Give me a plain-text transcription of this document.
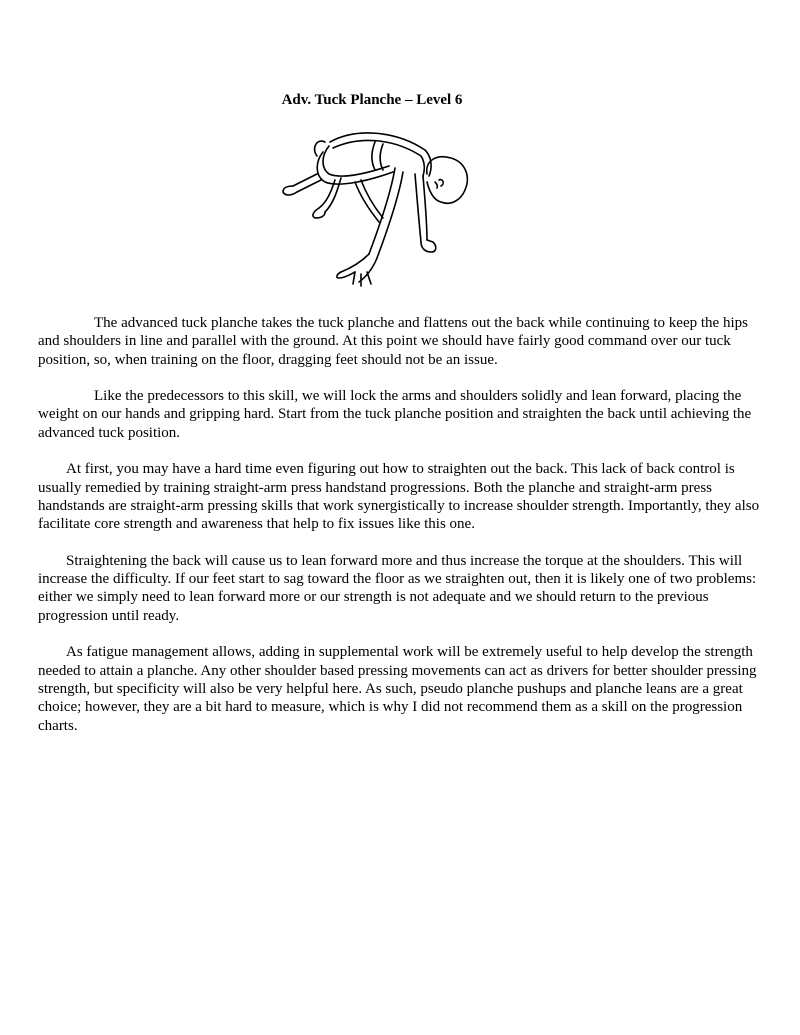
Adv. Tuck Planche – Level 6

The advanced tuck planche takes the tuck planche and flattens out the back while continuing to keep the hips and shoulders in line and parallel with the ground. At this point we should have fairly good command over our tuck position, so, when training on the floor, dragging feet should not be an issue.

Like the predecessors to this skill, we will lock the arms and shoulders solidly and lean forward, placing the weight on our hands and gripping hard. Start from the tuck planche position and straighten the back until achieving the advanced tuck position.

At first, you may have a hard time even figuring out how to straighten out the back. This lack of back control is usually remedied by training straight-arm press handstand progressions. Both the planche and straight-arm press handstands are straight-arm pressing skills that work synergistically to increase shoulder strength. Importantly, they also facilitate core strength and awareness that help to fix issues like this one.

Straightening the back will cause us to lean forward more and thus increase the torque at the shoulders. This will increase the difficulty. If our feet start to sag toward the floor as we straighten out, then it is likely one of two problems: either we simply need to lean forward more or our strength is not adequate and we should return to the previous progression until ready.

As fatigue management allows, adding in supplemental work will be extremely useful to help develop the strength needed to attain a planche. Any other shoulder based pressing movements can act as drivers for better shoulder pressing strength, but specificity will also be very helpful here. As such, pseudo planche pushups and planche leans are a great choice; however, they are a bit hard to measure, which is why I did not recommend them as a skill on the progression charts.
